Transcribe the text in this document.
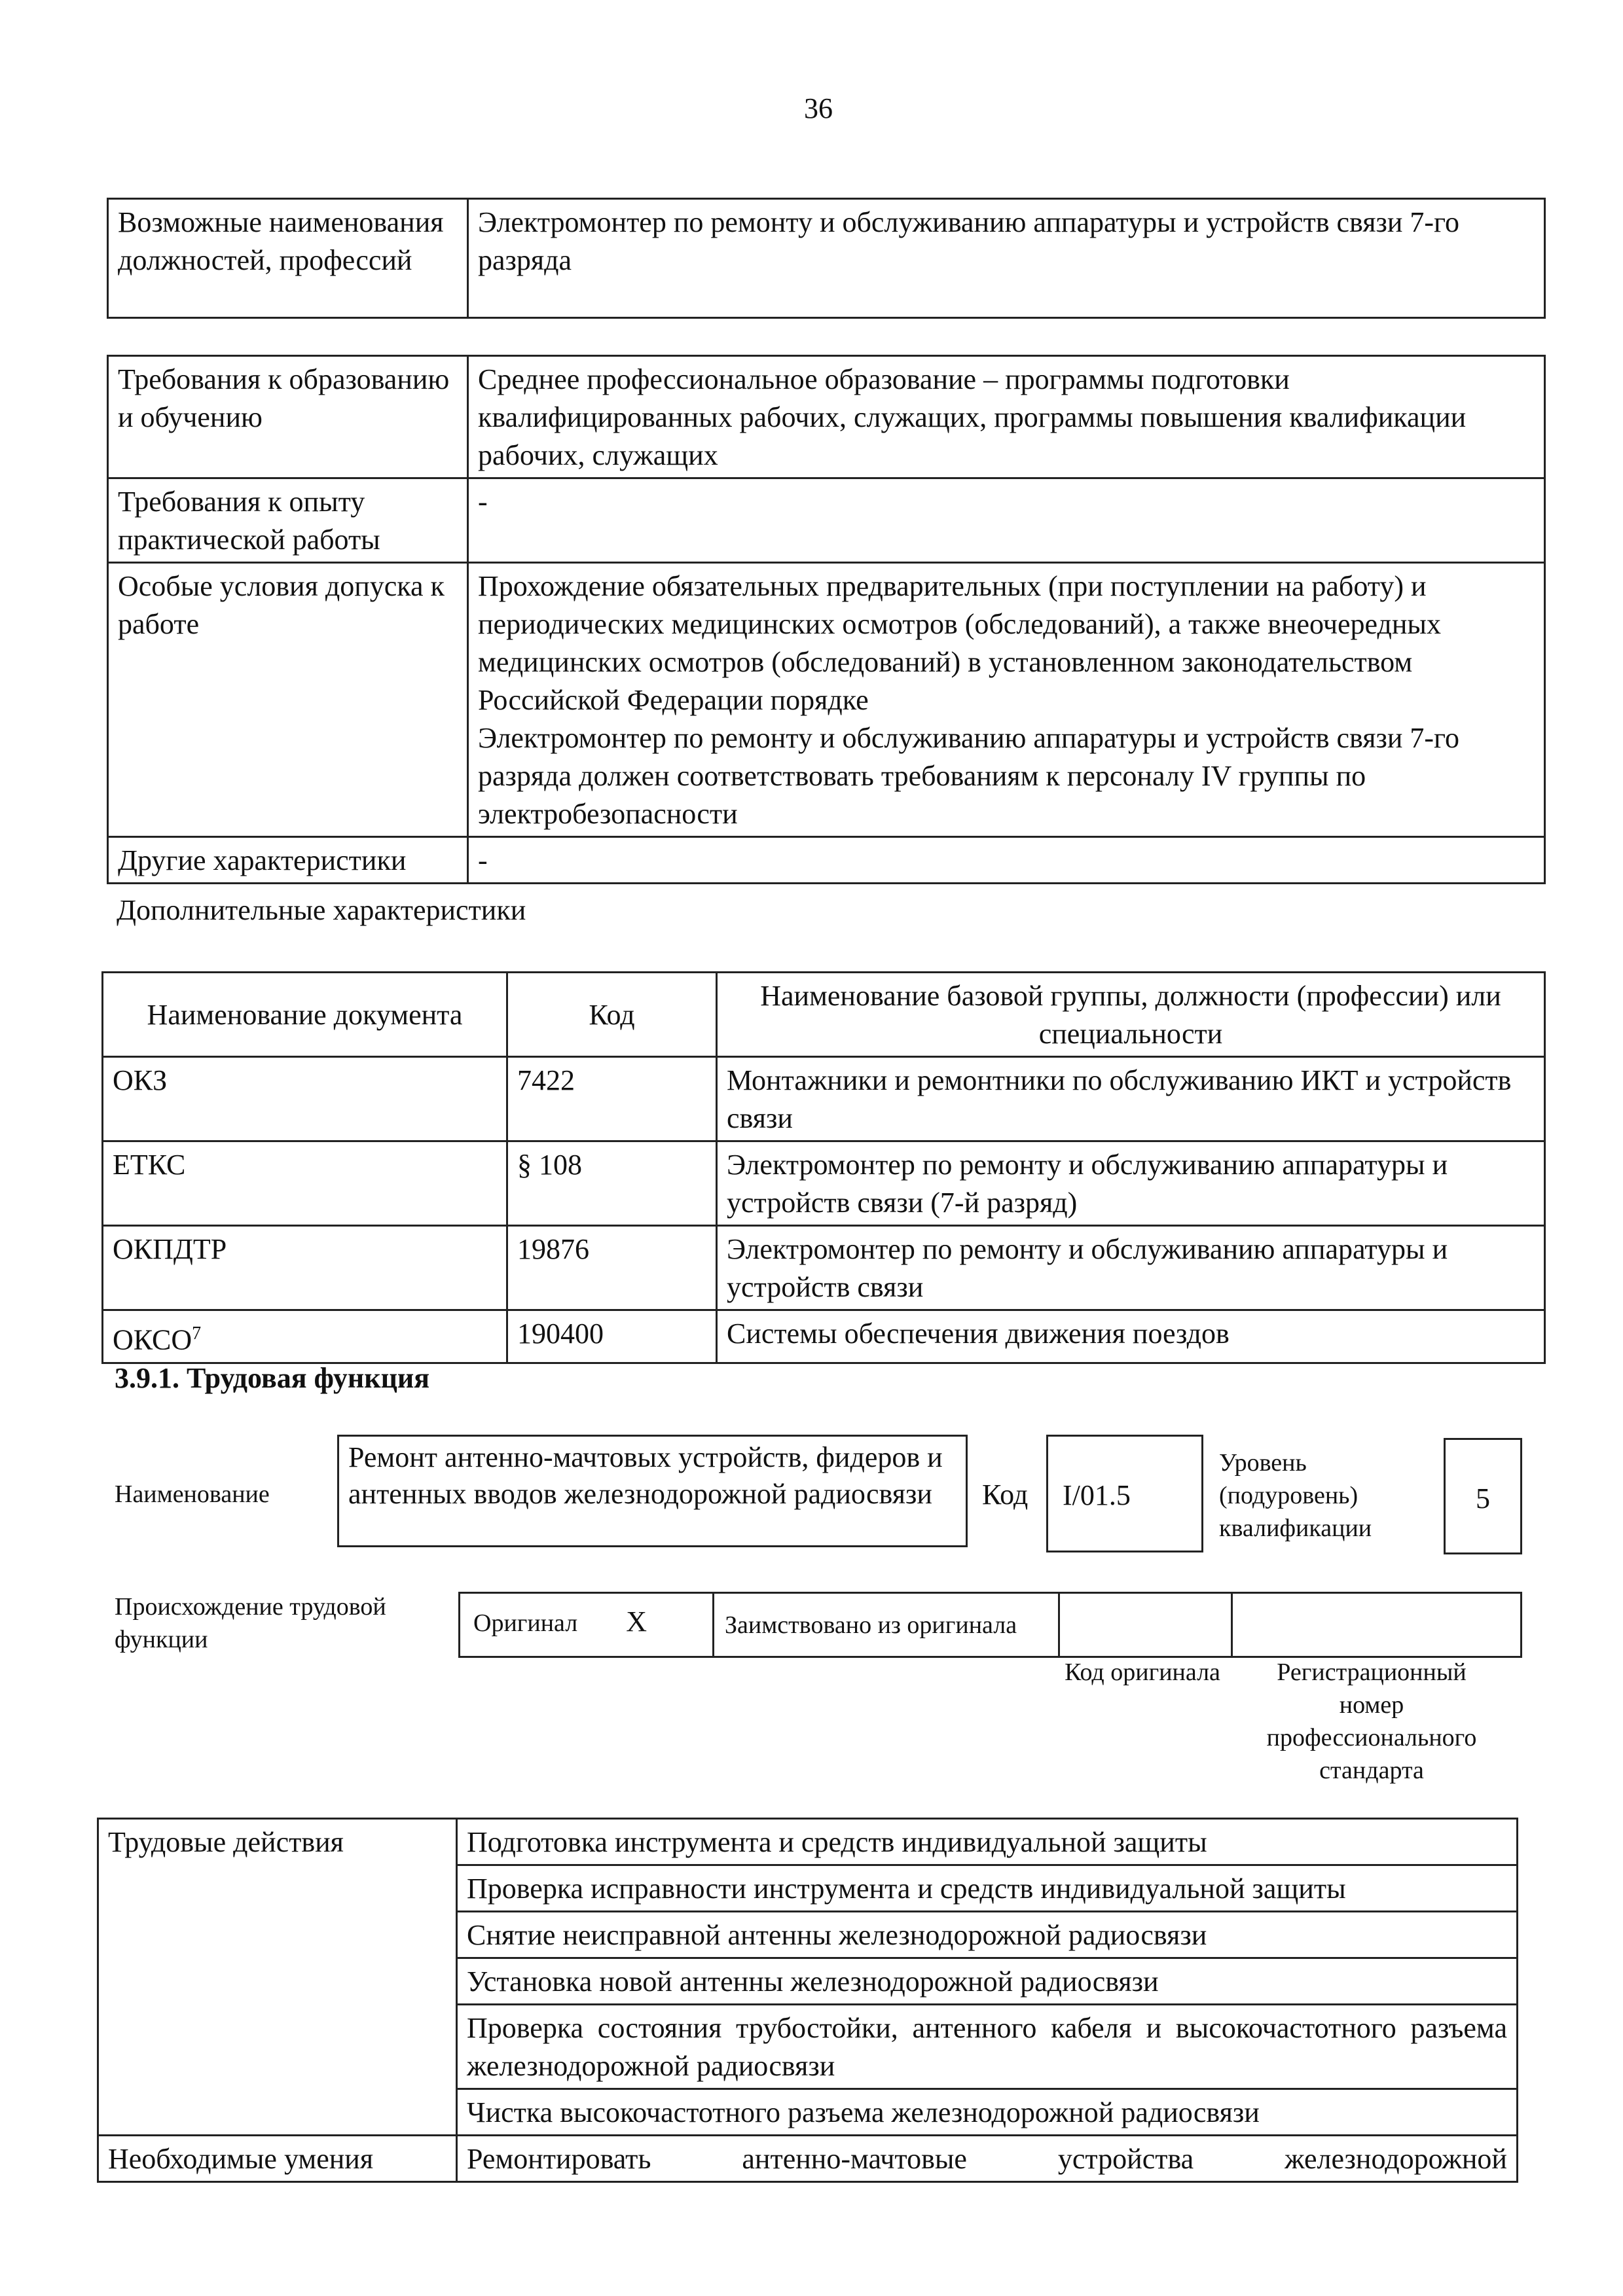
36
Возможные наименования должностей, профессий	Электромонтер по ремонту и обслуживанию аппаратуры и устройств связи 7-го разряда
Требования к образованию и обучению	Среднее профессиональное образование – программы подготовки квалифицированных рабочих, служащих, программы повышения квалификации рабочих, служащих
Требования к опыту практической работы	-
Особые условия допуска к работе	Прохождение обязательных предварительных (при поступлении на работу) и периодических медицинских осмотров (обследований), а также внеочередных медицинских осмотров (обследований) в установленном законодательством Российской Федерации порядке
Электромонтер по ремонту и обслуживанию аппаратуры и устройств связи 7-го разряда должен соответствовать требованиям к персоналу IV группы по электробезопасности
Другие характеристики	-
Дополнительные характеристики
Наименование документа	Код	Наименование базовой группы, должности (профессии) или специальности
ОКЗ	7422	Монтажники и ремонтники по обслуживанию ИКТ и устройств связи
ЕТКС	§ 108	Электромонтер по ремонту и обслуживанию аппаратуры и устройств связи (7-й разряд)
ОКПДТР	19876	Электромонтер по ремонту и обслуживанию аппаратуры и устройств связи
ОКСО$^7$	190400	Системы обеспечения движения поездов
3.9.1. Трудовая функция
Наименование
Ремонт антенно-мачтовых устройств, фидеров и антенных вводов железнодорожной радиосвязи	Код	I/01.5
Уровень (подуровень) квалификации
5
Происхождение трудовой функции
Оригинал X	Заимствовано из оригинала		
Код оригинала	Регистрационный номер профессионального стандарта
Трудовые действия	Подготовка инструмента и средств индивидуальной защиты
	Проверка исправности инструмента и средств индивидуальной защиты
	Снятие неисправной антенны железнодорожной радиосвязи
	Установка новой антенны железнодорожной радиосвязи
	Проверка состояния трубостойки, антенного кабеля и высокочастотного разъема железнодорожной радиосвязи
	Чистка высокочастотного разъема железнодорожной радиосвязи
Необходимые умения	Ремонтировать антенно-мачтовые устройства железнодорожной
